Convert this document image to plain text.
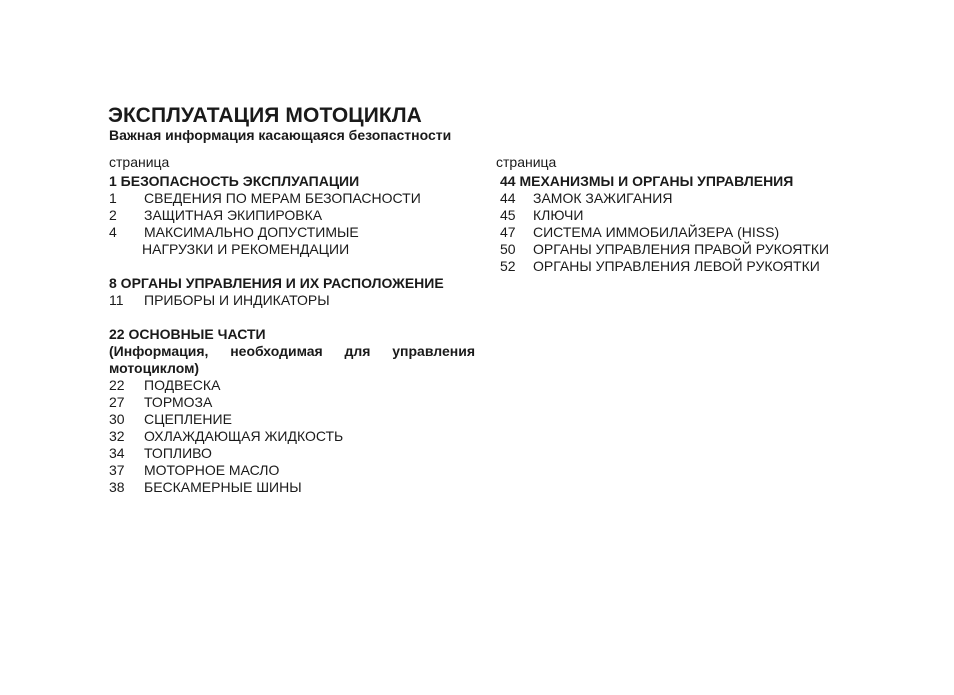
ЭКСПЛУАТАЦИЯ МОТОЦИКЛА
Важная информация касающаяся безопастности
страница
1 БЕЗОПАСНОСТЬ ЭКСПЛУАПАЦИИ
1	СВЕДЕНИЯ ПО МЕРАМ БЕЗОПАСНОСТИ
2	ЗАЩИТНАЯ ЭКИПИРОВКА
4	МАКСИМАЛЬНО ДОПУСТИМЫЕ
НАГРУЗКИ И РЕКОМЕНДАЦИИ
8 ОРГАНЫ УПРАВЛЕНИЯ И ИХ РАСПОЛОЖЕНИЕ
11	ПРИБОРЫ И ИНДИКАТОРЫ
22 ОСНОВНЫЕ ЧАСТИ
(Информация, необходимая для управления
мотоциклом)
22	ПОДВЕСКА
27	ТОРМОЗА
30	СЦЕПЛЕНИЕ
32	ОХЛАЖДАЮЩАЯ ЖИДКОСТЬ
34	ТОПЛИВО
37	МОТОРНОЕ МАСЛО
38	БЕСКАМЕРНЫЕ ШИНЫ
страница
44 МЕХАНИЗМЫ И ОРГАНЫ УПРАВЛЕНИЯ
44	ЗАМОК ЗАЖИГАНИЯ
45	КЛЮЧИ
47	СИСТЕМА ИММОБИЛАЙЗЕРА (HISS)
50	ОРГАНЫ УПРАВЛЕНИЯ ПРАВОЙ РУКОЯТКИ
52	ОРГАНЫ УПРАВЛЕНИЯ ЛЕВОЙ РУКОЯТКИ
